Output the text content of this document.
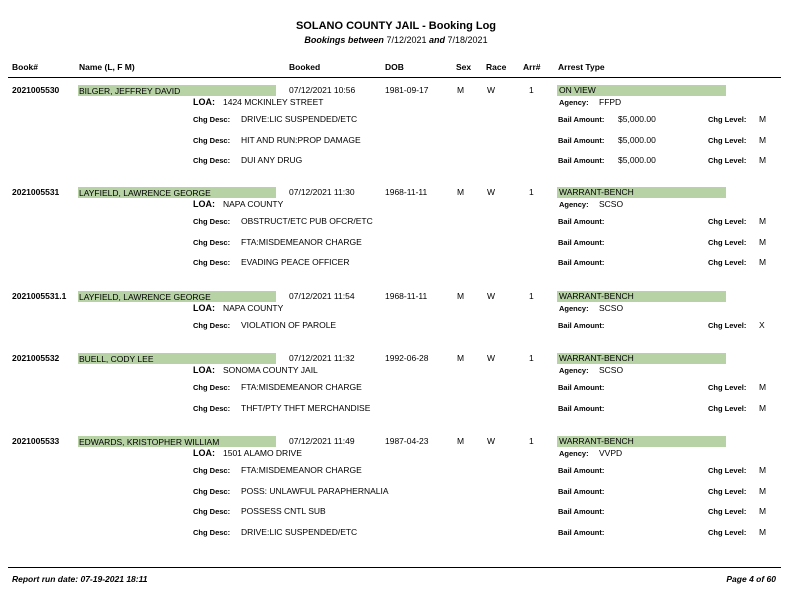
SOLANO COUNTY JAIL - Booking Log
Bookings between 7/12/2021 and 7/18/2021
Book#	Name (L, F M)	Booked	DOB	Sex Race Arr# Arrest Type
2021005530 BILGER, JEFFREY DAVID	07/12/2021 10:56	1981-09-17	M	W	1	ON VIEW
LOA: 1424 MCKINLEY STREET	Agency: FFPD
Chg Desc: DRIVE:LIC SUSPENDED/ETC	Bail Amount: $5,000.00	Chg Level: M
Chg Desc: HIT AND RUN:PROP DAMAGE	Bail Amount: $5,000.00	Chg Level: M
Chg Desc: DUI ANY DRUG	Bail Amount: $5,000.00	Chg Level: M
2021005531 LAYFIELD, LAWRENCE GEORGE	07/12/2021 11:30	1968-11-11	M	W	1	WARRANT-BENCH
LOA: NAPA COUNTY	Agency: SCSO
Chg Desc: OBSTRUCT/ETC PUB OFCR/ETC	Bail Amount:	Chg Level: M
Chg Desc: FTA:MISDEMEANOR CHARGE	Bail Amount:	Chg Level: M
Chg Desc: EVADING PEACE OFFICER	Bail Amount:	Chg Level: M
2021005531.1 LAYFIELD, LAWRENCE GEORGE	07/12/2021 11:54	1968-11-11	M	W	1	WARRANT-BENCH
LOA: NAPA COUNTY	Agency: SCSO
Chg Desc: VIOLATION OF PAROLE	Bail Amount:	Chg Level: X
2021005532 BUELL, CODY LEE	07/12/2021 11:32	1992-06-28	M	W	1	WARRANT-BENCH
LOA: SONOMA COUNTY JAIL	Agency: SCSO
Chg Desc: FTA:MISDEMEANOR CHARGE	Bail Amount:	Chg Level: M
Chg Desc: THFT/PTY THFT MERCHANDISE	Bail Amount:	Chg Level: M
2021005533 EDWARDS, KRISTOPHER WILLIAM	07/12/2021 11:49	1987-04-23	M	W	1	WARRANT-BENCH
LOA: 1501 ALAMO DRIVE	Agency: VVPD
Chg Desc: FTA:MISDEMEANOR CHARGE	Bail Amount:	Chg Level: M
Chg Desc: POSS: UNLAWFUL PARAPHERNALIA	Bail Amount:	Chg Level: M
Chg Desc: POSSESS CNTL SUB	Bail Amount:	Chg Level: M
Chg Desc: DRIVE:LIC SUSPENDED/ETC	Bail Amount:	Chg Level: M
Report run date: 07-19-2021 18:11	Page 4 of 60
